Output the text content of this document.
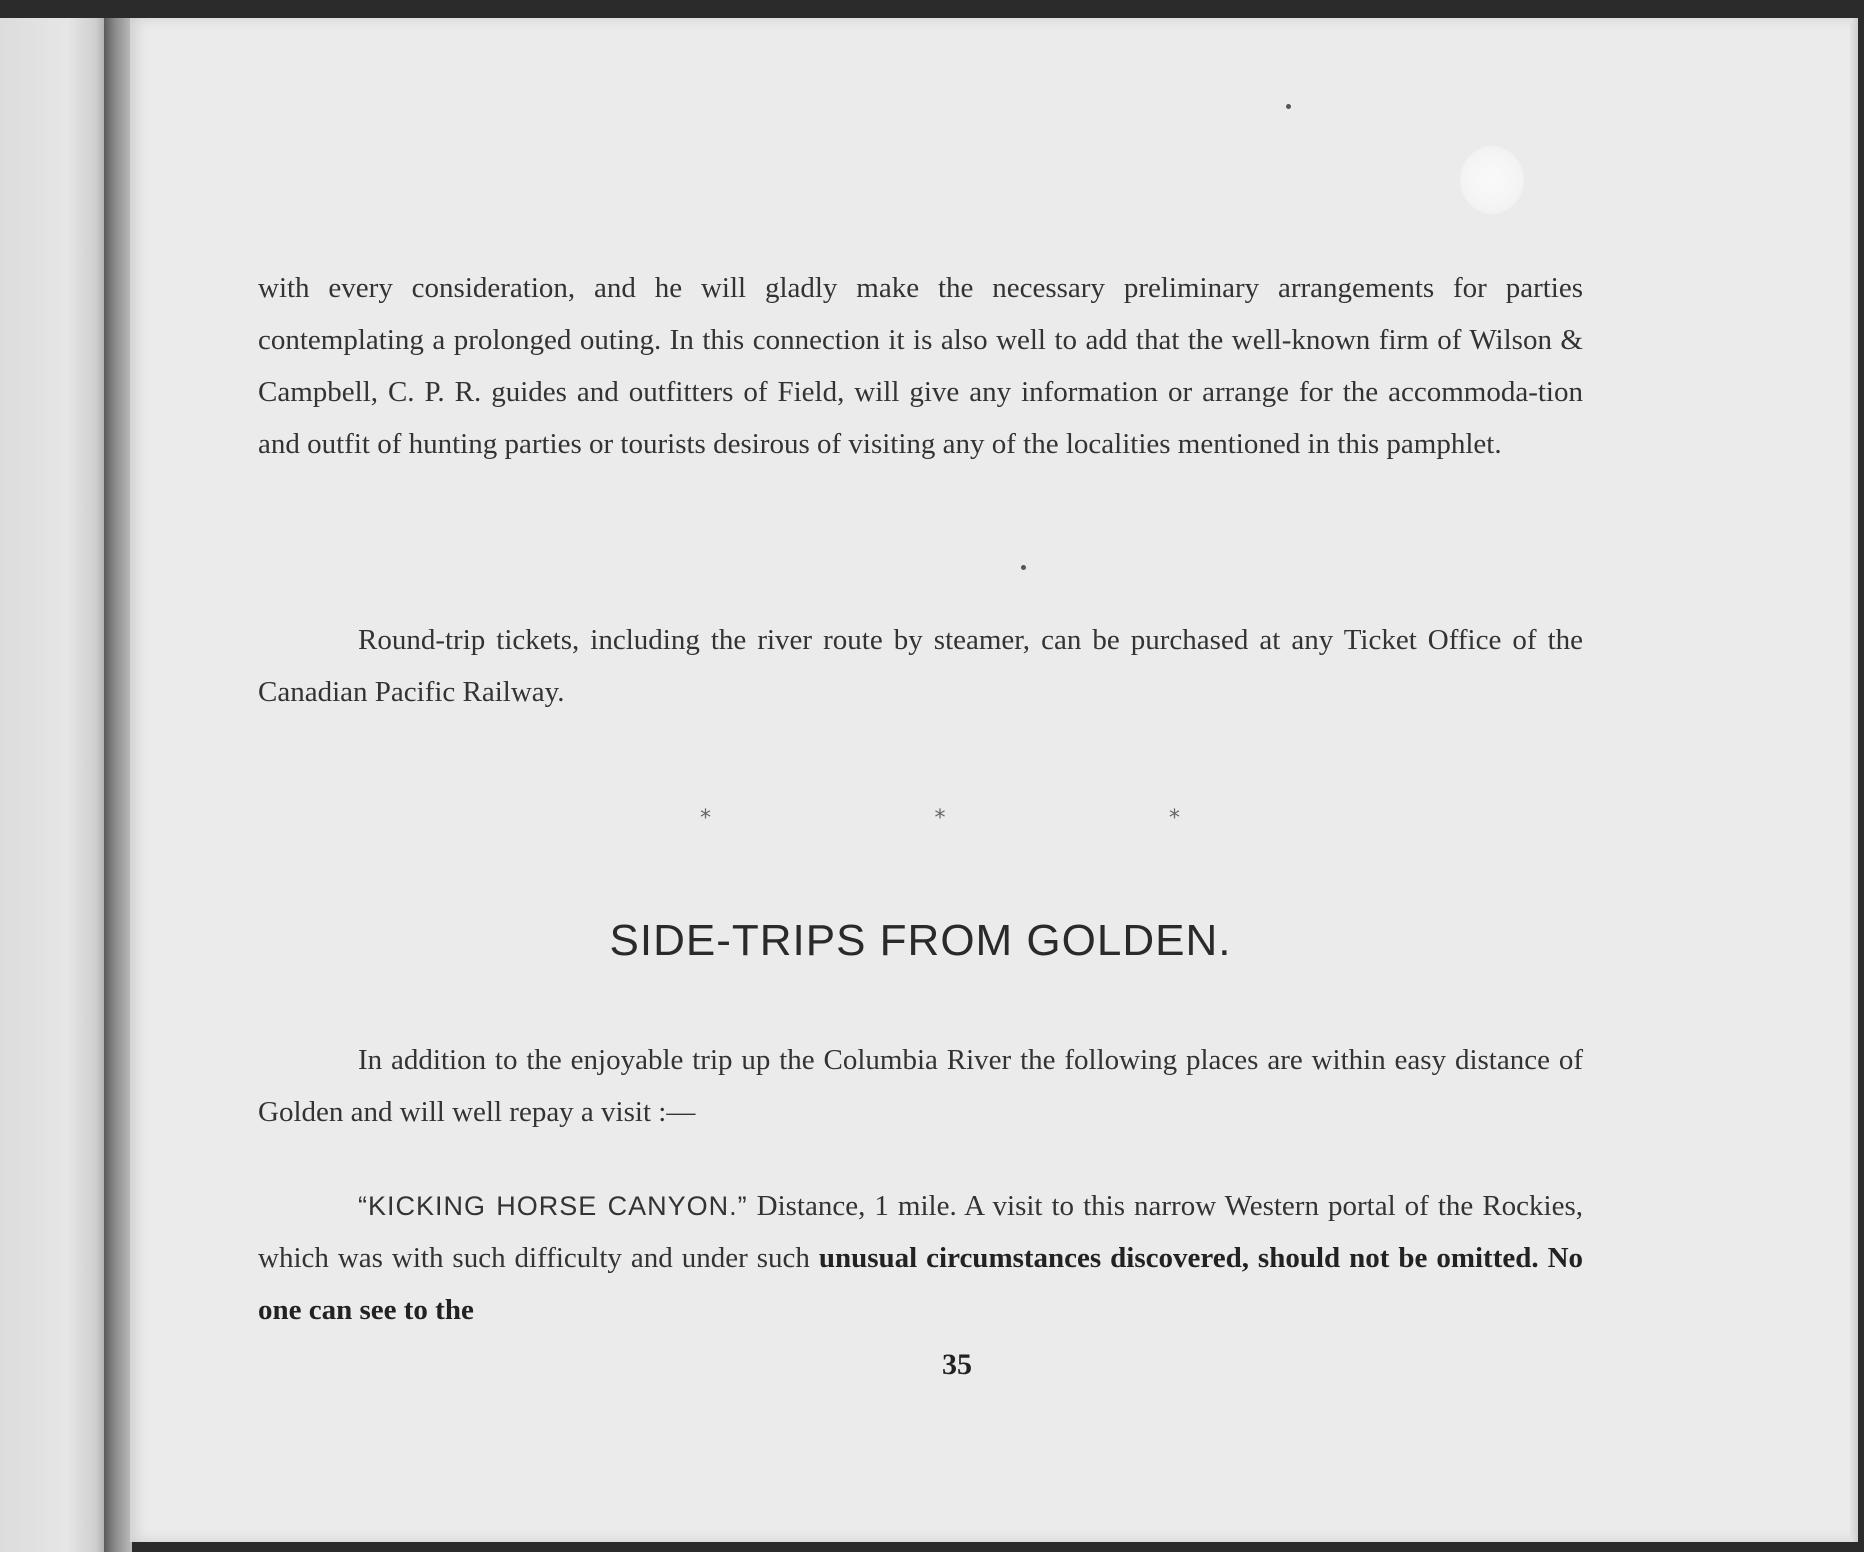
with every consideration, and he will gladly make the necessary preliminary arrangements for parties contemplating a prolonged outing. In this connection it is also well to add that the well-known firm of Wilson & Campbell, C. P. R. guides and outfitters of Field, will give any information or arrange for the accommoda-tion and outfit of hunting parties or tourists desirous of visiting any of the localities mentioned in this pamphlet.

Round-trip tickets, including the river route by steamer, can be purchased at any Ticket Office of the Canadian Pacific Railway.

*	*	*
SIDE-TRIPS FROM GOLDEN.

In addition to the enjoyable trip up the Columbia River the following places are within easy distance of Golden and will well repay a visit :—

“KICKING HORSE CANYON.” Distance, 1 mile. A visit to this narrow Western portal of the Rockies, which was with such difficulty and under such unusual circumstances discovered, should not be omitted. No one can see to the

35
